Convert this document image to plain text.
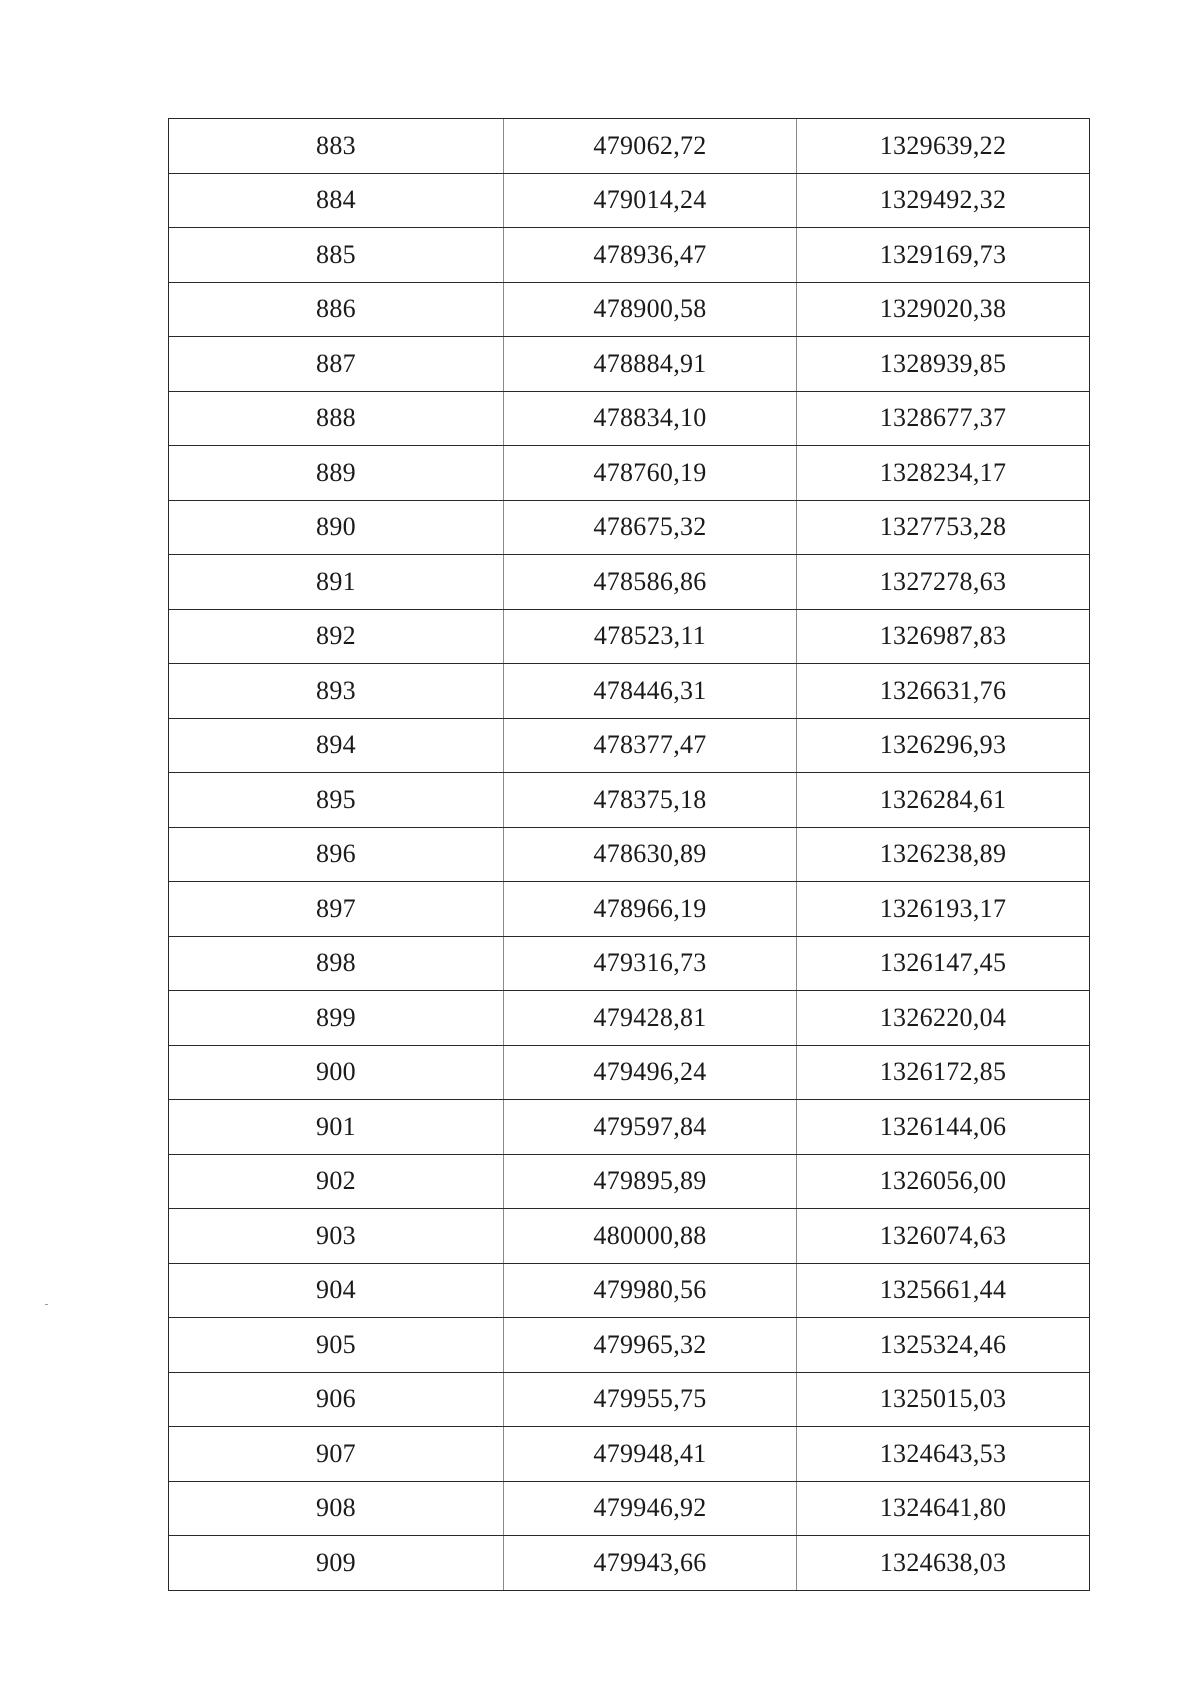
883	479062,72	1329639,22
884	479014,24	1329492,32
885	478936,47	1329169,73
886	478900,58	1329020,38
887	478884,91	1328939,85
888	478834,10	1328677,37
889	478760,19	1328234,17
890	478675,32	1327753,28
891	478586,86	1327278,63
892	478523,11	1326987,83
893	478446,31	1326631,76
894	478377,47	1326296,93
895	478375,18	1326284,61
896	478630,89	1326238,89
897	478966,19	1326193,17
898	479316,73	1326147,45
899	479428,81	1326220,04
900	479496,24	1326172,85
901	479597,84	1326144,06
902	479895,89	1326056,00
903	480000,88	1326074,63
904	479980,56	1325661,44
905	479965,32	1325324,46
906	479955,75	1325015,03
907	479948,41	1324643,53
908	479946,92	1324641,80
909	479943,66	1324638,03
